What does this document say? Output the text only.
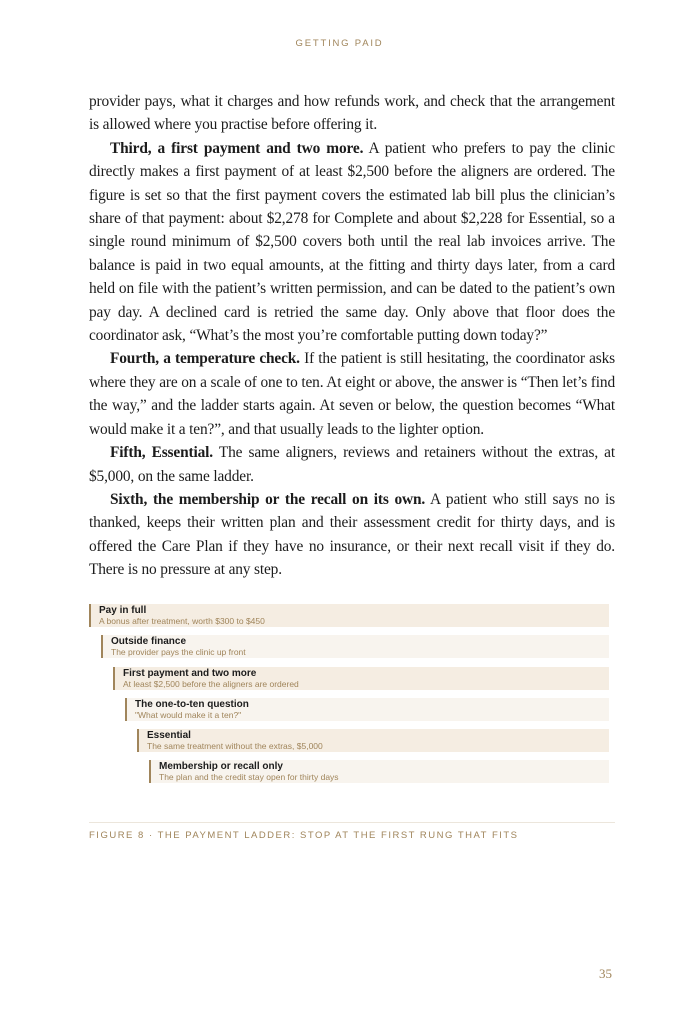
GETTING PAID

provider pays, what it charges and how refunds work, and check that the arrangement is allowed where you practise before offering it.

Third, a first payment and two more. A patient who prefers to pay the clinic directly makes a first payment of at least $2,500 before the aligners are ordered. The figure is set so that the first payment covers the estimated lab bill plus the clinician’s share of that payment: about $2,278 for Complete and about $2,228 for Essential, so a single round minimum of $2,500 covers both until the real lab invoices arrive. The balance is paid in two equal amounts, at the fitting and thirty days later, from a card held on file with the patient’s written permission, and can be dated to the patient’s own pay day. A declined card is retried the same day. Only above that floor does the coordinator ask, “What’s the most you’re comfortable putting down today?”

Fourth, a temperature check. If the patient is still hesitating, the coordinator asks where they are on a scale of one to ten. At eight or above, the answer is “Then let’s find the way,” and the ladder starts again. At seven or below, the question becomes “What would make it a ten?”, and that usually leads to the lighter option.

Fifth, Essential. The same aligners, reviews and retainers without the extras, at $5,000, on the same ladder.

Sixth, the membership or the recall on its own. A patient who still says no is thanked, keeps their written plan and their assessment credit for thirty days, and is offered the Care Plan if they have no insurance, or their next recall visit if they do. There is no pressure at any step.

Pay in full
A bonus after treatment, worth $300 to $450
Outside finance
The provider pays the clinic up front
First payment and two more
At least $2,500 before the aligners are ordered
The one-to-ten question
"What would make it a ten?"
Essential
The same treatment without the extras, $5,000
Membership or recall only
The plan and the credit stay open for thirty days
FIGURE 8 · THE PAYMENT LADDER: STOP AT THE FIRST RUNG THAT FITS
35
